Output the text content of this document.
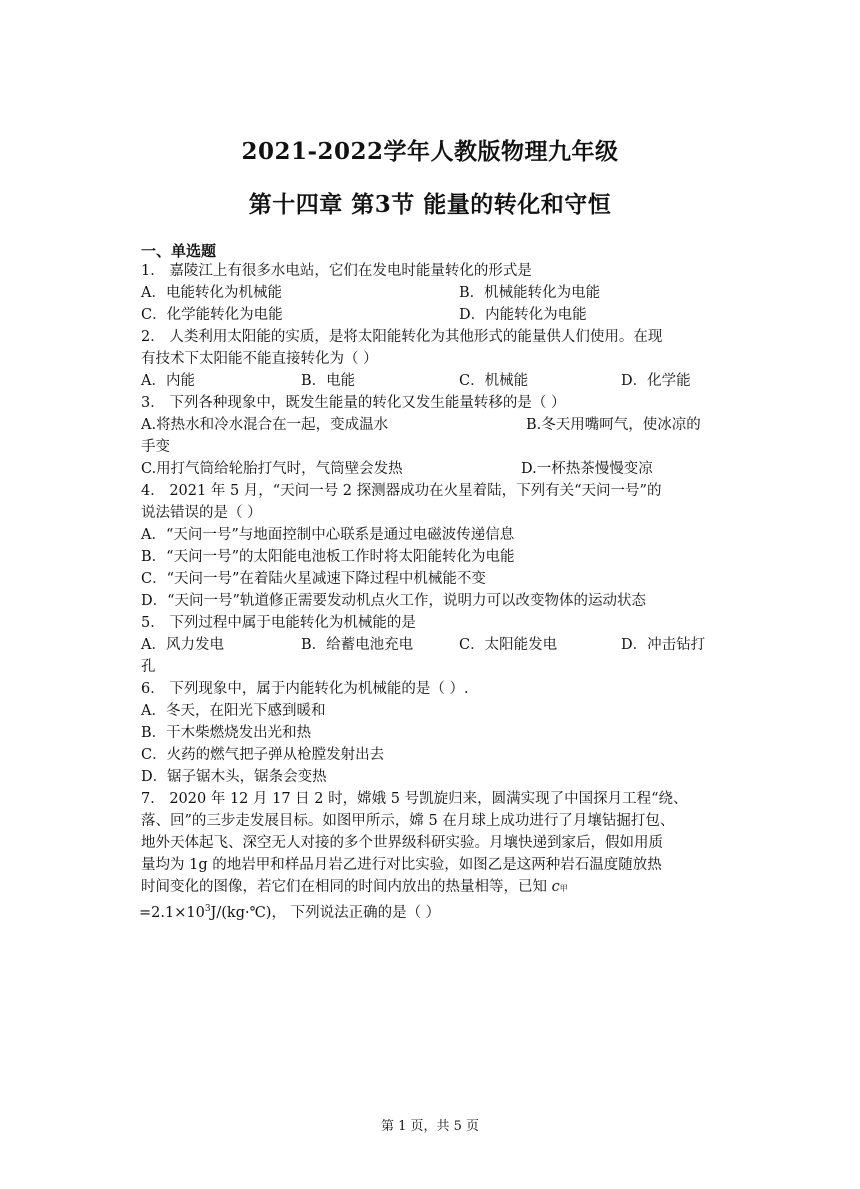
2021-2022学年人教版物理九年级
第十四章 第3节 能量的转化和守恒
一、单选题
1． 嘉陵江上有很多水电站，它们在发电时能量转化的形式是
A．电能转化为机械能	B．机械能转化为电能
C．化学能转化为电能	D．内能转化为电能
2． 人类利用太阳能的实质，是将太阳能转化为其他形式的能量供人们使用。在现
有技术下太阳能不能直接转化为（ ）
A．内能	B．电能	C．机械能	D．化学能
3． 下列各种现象中，既发生能量的转化又发生能量转移的是（ ）
A.将热水和冷水混合在一起，变成温水	B.冬天用嘴呵气，使冰凉的
手变
C.用打气筒给轮胎打气时，气筒壁会发热	D.一杯热茶慢慢变凉
4． 2021 年 5 月，“天问一号 2 探测器成功在火星着陆，下列有关“天问一号”的
说法错误的是（ ）
A．“天问一号”与地面控制中心联系是通过电磁波传递信息
B．“天问一号”的太阳能电池板工作时将太阳能转化为电能
C．“天问一号”在着陆火星减速下降过程中机械能不变
D．“天问一号”轨道修正需要发动机点火工作，说明力可以改变物体的运动状态
5． 下列过程中属于电能转化为机械能的是
A．风力发电	B．给蓄电池充电	C．太阳能发电	D．冲击钻打
孔
6． 下列现象中，属于内能转化为机械能的是（ ）.
A．冬天，在阳光下感到暖和
B．干木柴燃烧发出光和热
C．火药的燃气把子弹从枪膛发射出去
D．锯子锯木头，锯条会变热
7． 2020 年 12 月 17 日 2 时，嫦娥 5 号凯旋归来，圆满实现了中国探月工程“绕、
落、回”的三步走发展目标。如图甲所示，嫦 5 在月球上成功进行了月壤钻掘打包、
地外天体起飞、深空无人对接的多个世界级科研实验。月壤快递到家后，假如用质
量均为 1g 的地岩甲和样品月岩乙进行对比实验，如图乙是这两种岩石温度随放热
时间变化的图像，若它们在相同的时间内放出的热量相等，已知 c甲
$=2.1\times 10^3J/(kg\cdot℃)$， 下列说法正确的是（ ）
第 1 页，共 5 页
